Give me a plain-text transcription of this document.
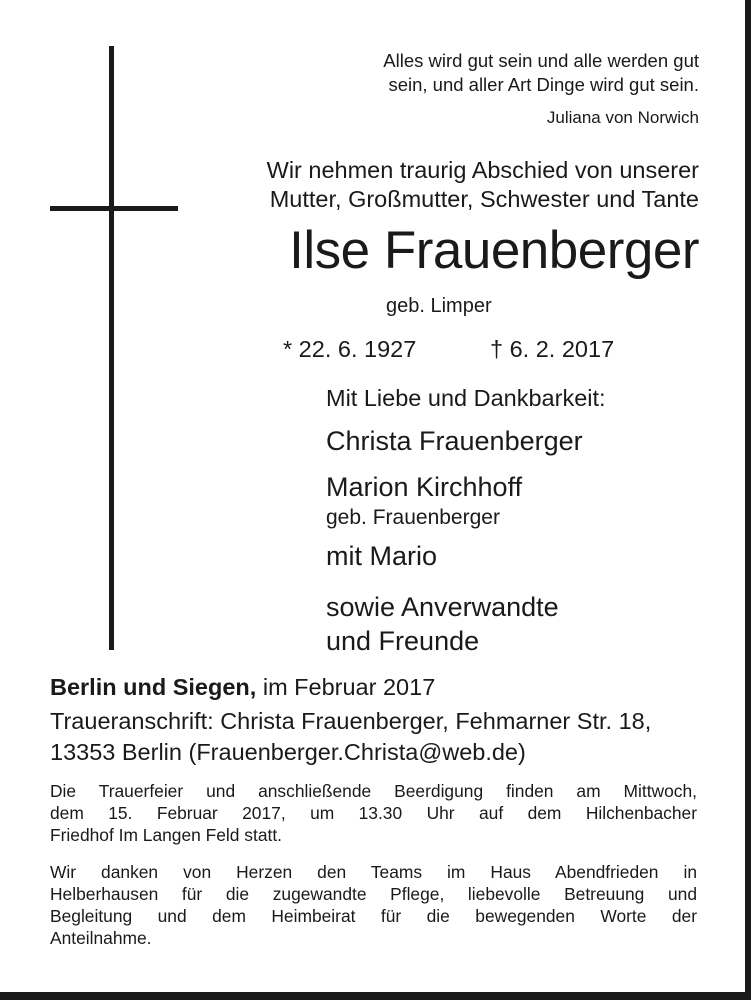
Alles wird gut sein und alle werden gut
sein, und aller Art Dinge wird gut sein.
Juliana von Norwich
Wir nehmen traurig Abschied von unserer
Mutter, Großmutter, Schwester und Tante
Ilse Frauenberger
geb. Limper
* 22. 6. 1927	† 6. 2. 2017
Mit Liebe und Dankbarkeit:
Christa Frauenberger
Marion Kirchhoff
geb. Frauenberger
mit Mario
sowie Anverwandte
und Freunde
Berlin und Siegen, im Februar 2017
Traueranschrift: Christa Frauenberger, Fehmarner Str. 18,
13353 Berlin (Frauenberger.Christa@web.de)
Die Trauerfeier und anschließende Beerdigung finden am Mittwoch,
dem 15. Februar 2017, um 13.30 Uhr auf dem Hilchenbacher
Friedhof Im Langen Feld statt.
Wir danken von Herzen den Teams im Haus Abendfrieden in
Helberhausen für die zugewandte Pflege, liebevolle Betreuung und
Begleitung und dem Heimbeirat für die bewegenden Worte der
Anteilnahme.
